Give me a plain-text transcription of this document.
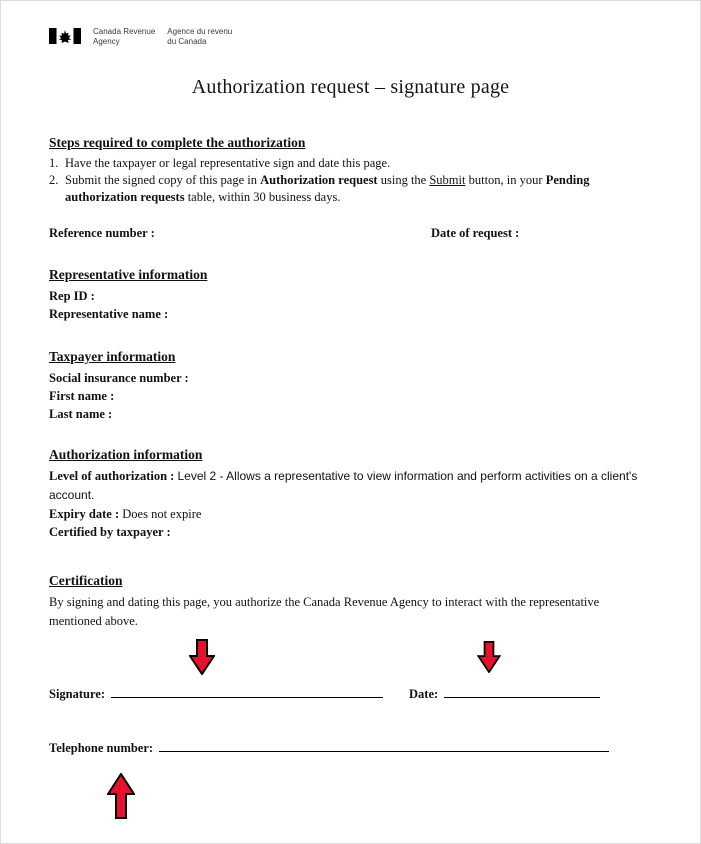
Canada Revenue
Agency
Agence du revenu
du Canada
Authorization request – signature page
Steps required to complete the authorization
1. Have the taxpayer or legal representative sign and date this page.
2. Submit the signed copy of this page in Authorization request using the Submit button, in your Pending authorization requests table, within 30 business days.
Reference number :	Date of request :
Representative information
Rep ID :
Representative name :
Taxpayer information
Social insurance number :
First name :
Last name :
Authorization information
Level of authorization : Level 2 - Allows a representative to view information and perform activities on a client's account.
Expiry date : Does not expire
Certified by taxpayer :
Certification
By signing and dating this page, you authorize the Canada Revenue Agency to interact with the representative mentioned above.
Signature:	Date:
Telephone number:
